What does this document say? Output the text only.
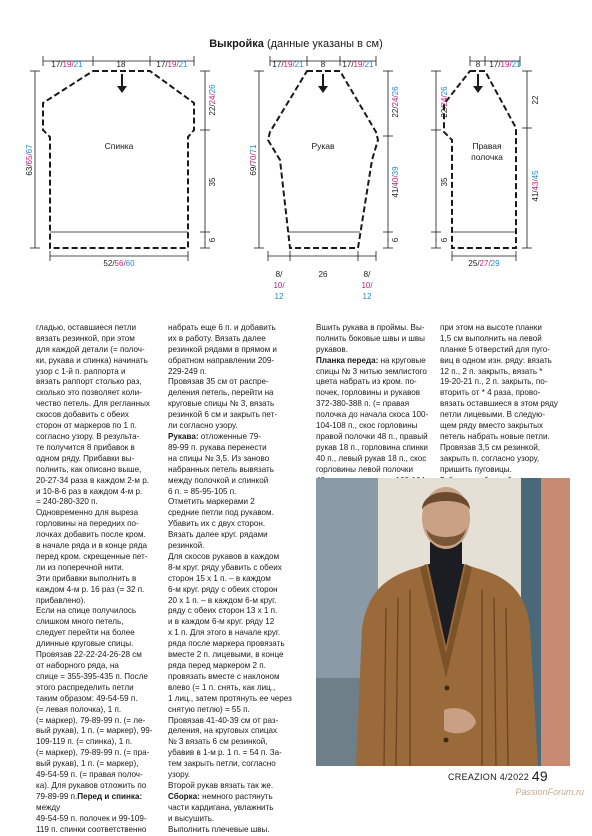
Выкройка (данные указаны в см)
Спинка	Рукав	Правая
полочка
17/19/21	18	17/19/21
22/24/26
35
6
63/65/67
52/56/60
17/19/21 8 17/19/21
22/24/26
41/40/39
6
69/70/71
26
8/
10/
12
8/
10/
12
8 17/19/21
22/24/26
35
6
22
41/43/45
25/27/29

гладью, оставшиеся петли
вязать резинкой, при этом
для каждой детали (= полоч-
ки, рукава и спинка) начинать
узор с 1-й п. раппорта и
вязать раппорт столько раз,
сколько это позволяет коли-
чество петель. Для регланных
скосов добавить с обеих
сторон от маркеров по 1 п.
согласно узору. В результа-
те получится 8 прибавок в
одном ряду. Прибавки вы-
полнить, как описано выше,
20-27-34 раза в каждом 2-м р.
и 10-8-6 раз в каждом 4-м р.
= 240-280-320 п.
Одновременно для выреза
горловины на передних по-
лочках добавить после кром.
в начале ряда и в конце ряда
перед кром. скрещенные пет-
ли из поперечной нити.
Эти прибавки выполнить в
каждом 4-м р. 16 раз (= 32 п.
прибавлено).
Если на спице получилось
слишком много петель,
следует перейти на более
длинные круговые спицы.
Провязав 22-22-24-26-28 см
от наборного ряда, на
спице = 355-395-435 п. После
этого распределить петли
таким образом: 49-54-59 п.
(= левая полочка), 1 п.
(= маркер), 79-89-99 п. (= ле-
вый рукав), 1 п. (= маркер), 99-
109-119 п. (= спинка), 1 п.
(= маркер), 79-89-99 п. (= пра-
вый рукав), 1 п. (= маркер),
49-54-59 п. (= правая полоч-
ка). Для рукавов отложить по
79-89-99 п.Перед и спинка: между
49-54-59 п. полочек и 99-109-
119 п. спинки соответственно

набрать еще 6 п. и добавить
их в работу. Вязать далее
резинкой рядами в прямом и
обратном направлении 209-
229-249 п.
Провязав 35 см от распре-
деления петель, перейти на
круговые спицы № 3, вязать
резинкой 6 см и закрыть пет-
ли согласно узору.
Рукава: отложенные 79-
89-99 п. рукава перенести
на спицы № 3,5. Из заново
набранных петель вывязать
между полочкой и спинкой
6 п. = 85-95-105 п.
Отметить маркерами 2
средние петли под рукавом.
Убавить их с двух сторон.
Вязать далее круг. рядами
резинкой.
Для скосов рукавов в каждом
8-м круг. ряду убавить с обеих
сторон 15 х 1 п. – в каждом
6-м круг. ряду с обеих сторон
20 х 1 п. – в каждом 6-м круг.
ряду с обеих сторон 13 х 1 п.
и в каждом 6-м круг. ряду 12
х 1 п. Для этого в начале круг.
ряда после маркера провязать
вместе 2 п. лицевыми, в конце
ряда перед маркером 2 п.
провязать вместе с наклоном
влево (= 1 п. снять, как лиц.,
1 лиц., затем протянуть ее через
снятую петлю) = 55 п.
Провязав 41-40-39 см от раз-
деления, на круговых спицах
№ 3 вязать 6 см резинкой,
убавив в 1-м р. 1 п. = 54 п. За-
тем закрыть петли, согласно
узору.
Второй рукав вязать так же.
Сборка: немного растянуть
части кардигана, увлажнить
и высушить.
Выполнить плечевые швы.

Вшить рукава в проймы. Вы-
полнить боковые швы и швы
рукавов.
Планка переда: на круговые
спицы № 3 нитью землистого
цвета набрать из кром. по-
почек, горловины и рукавов
372-380-388 п. (= правая
полочка до начала скоса 100-
104-108 п., скос горловины
правой полочки 48 п., правый
рукав 18 п., горловина спинки
40 п., левый рукав 18 п., скос
горловины левой полочки

при этом на высоте планки
1,5 см выполнить на левой
планке 5 отверстий для пуго-
виц в одном изн. ряду: вязать
12 п., 2 п. закрыть, вязать *
19-20-21 п., 2 п. закрыть, по-
вторить от * 4 раза, прово-
вязать оставшиеся в этом ряду
петли лицевыми. В следую-
щем ряду вместо закрытых
петель набрать новые петли.
Провязав 3,5 см резинкой,
закрыть п. согласно узору,
пришить пуговицы.

CREAZION 4/2022 49
PassionForum.ru
